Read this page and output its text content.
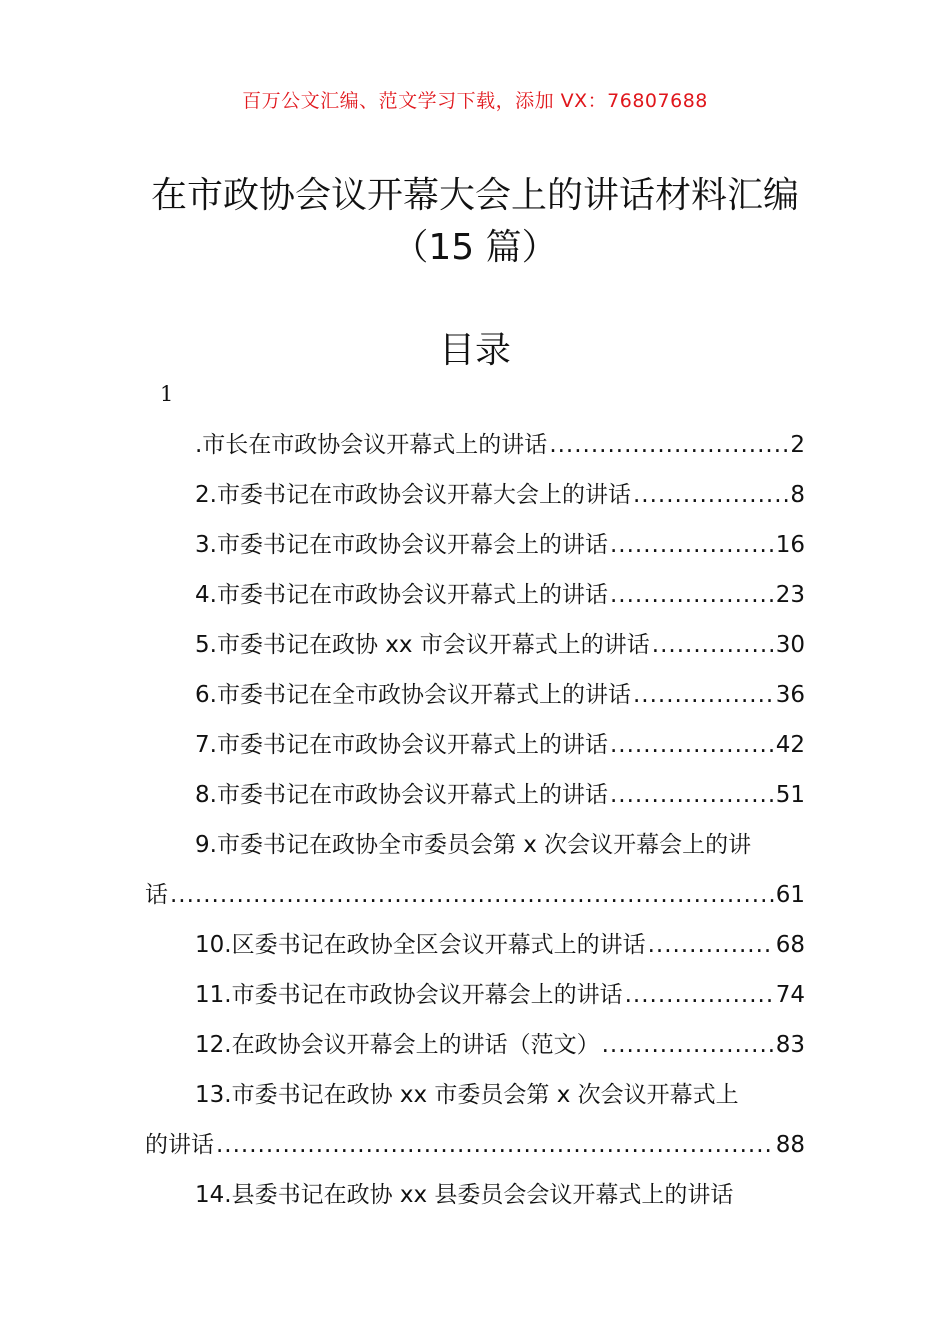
百万公文汇编、范文学习下载，添加 VX：76807688
在市政协会议开幕大会上的讲话材料汇编
（15 篇）
目录
1
.市长在市政协会议开幕式上的讲话 .....	2
2.市委书记在市政协会议开幕大会上的讲话 .....	8
3.市委书记在市政协会议开幕会上的讲话 .....	16
4.市委书记在市政协会议开幕式上的讲话 .....	23
5.市委书记在政协 xx 市会议开幕式上的讲话 .....	30
6.市委书记在全市政协会议开幕式上的讲话 .....	36
7.市委书记在市政协会议开幕式上的讲话 .....	42
8.市委书记在市政协会议开幕式上的讲话 .....	51
9.市委书记在政协全市委员会第 x 次会议开幕会上的讲
话 .....	61
10.区委书记在政协全区会议开幕式上的讲话 .....	68
11.市委书记在市政协会议开幕会上的讲话 .....	74
12.在政协会议开幕会上的讲话（范文） .....	83
13.市委书记在政协 xx 市委员会第 x 次会议开幕式上
的讲话 .....	88
14.县委书记在政协 xx 县委员会会议开幕式上的讲话
